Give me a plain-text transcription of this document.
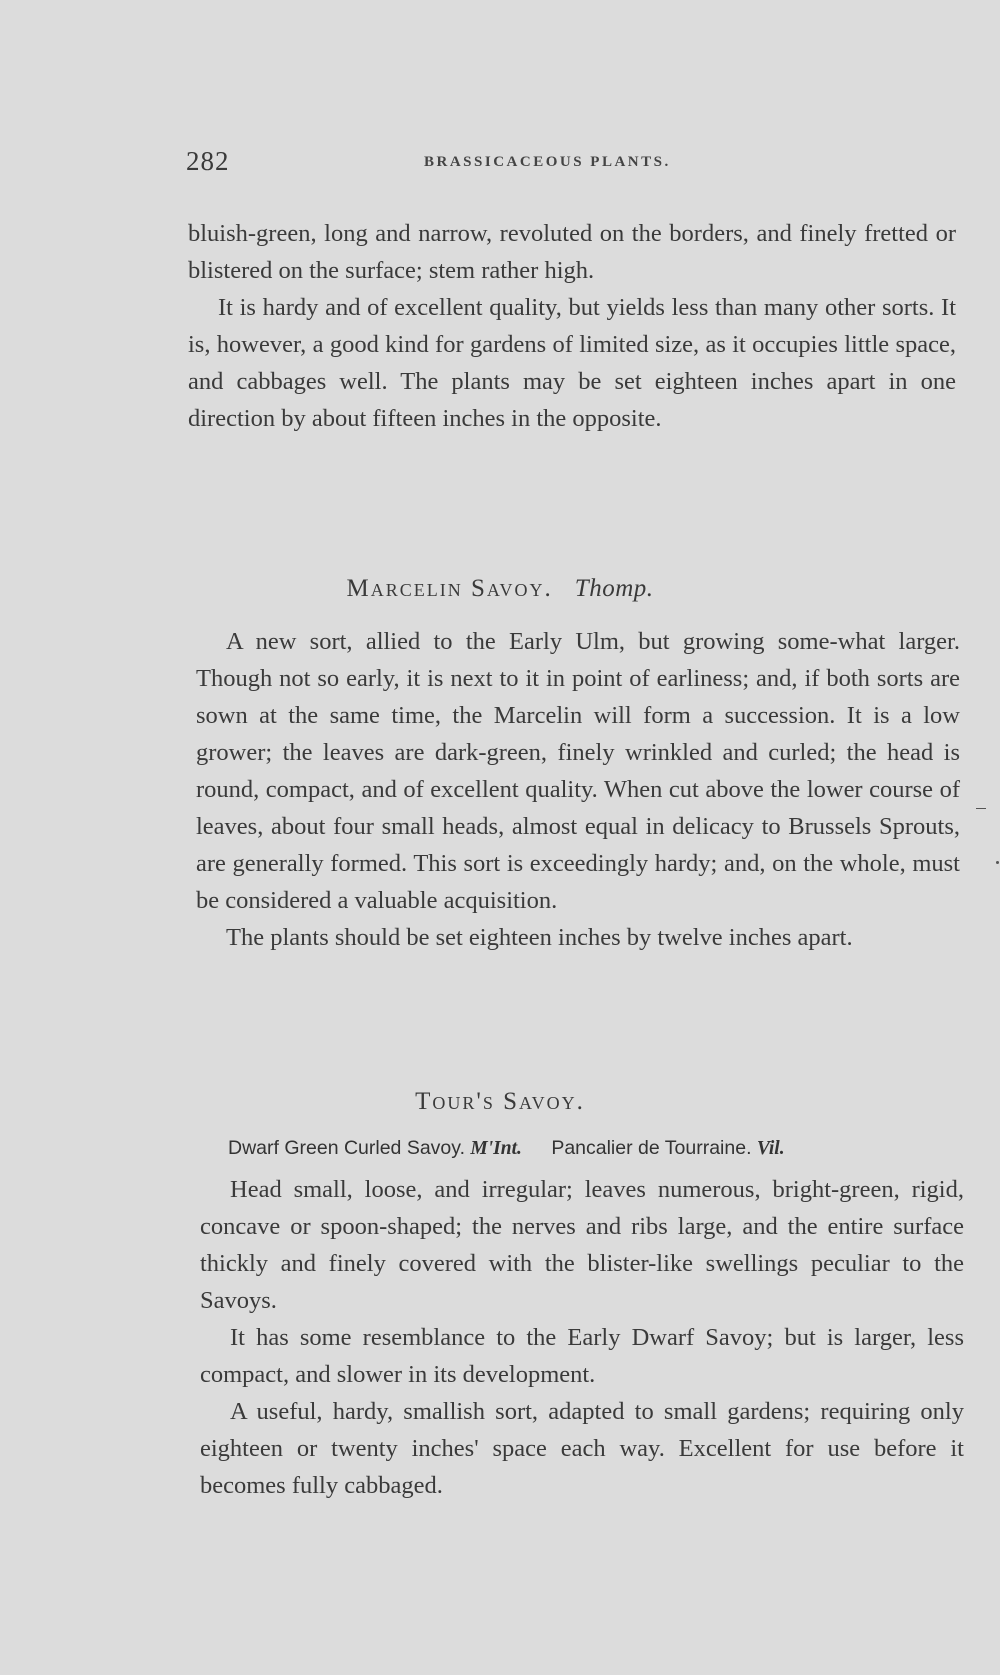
282	BRASSICACEOUS PLANTS.

bluish-green, long and narrow, revoluted on the borders, and finely fretted or blistered on the surface; stem rather high.

It is hardy and of excellent quality, but yields less than many other sorts. It is, however, a good kind for gardens of limited size, as it occupies little space, and cabbages well. The plants may be set eighteen inches apart in one direction by about fifteen inches in the opposite.

Marcelin Savoy. Thomp.

A new sort, allied to the Early Ulm, but growing some-what larger. Though not so early, it is next to it in point of earliness; and, if both sorts are sown at the same time, the Marcelin will form a succession. It is a low grower; the leaves are dark-green, finely wrinkled and curled; the head is round, compact, and of excellent quality. When cut above the lower course of leaves, about four small heads, almost equal in delicacy to Brussels Sprouts, are generally formed. This sort is exceedingly hardy; and, on the whole, must be considered a valuable acquisition.

The plants should be set eighteen inches by twelve inches apart.

Tour's Savoy.
Dwarf Green Curled Savoy. M'Int. Pancalier de Tourraine. Vil.

Head small, loose, and irregular; leaves numerous, bright-green, rigid, concave or spoon-shaped; the nerves and ribs large, and the entire surface thickly and finely covered with the blister-like swellings peculiar to the Savoys.

It has some resemblance to the Early Dwarf Savoy; but is larger, less compact, and slower in its development.

A useful, hardy, smallish sort, adapted to small gardens; requiring only eighteen or twenty inches' space each way. Excellent for use before it becomes fully cabbaged.
